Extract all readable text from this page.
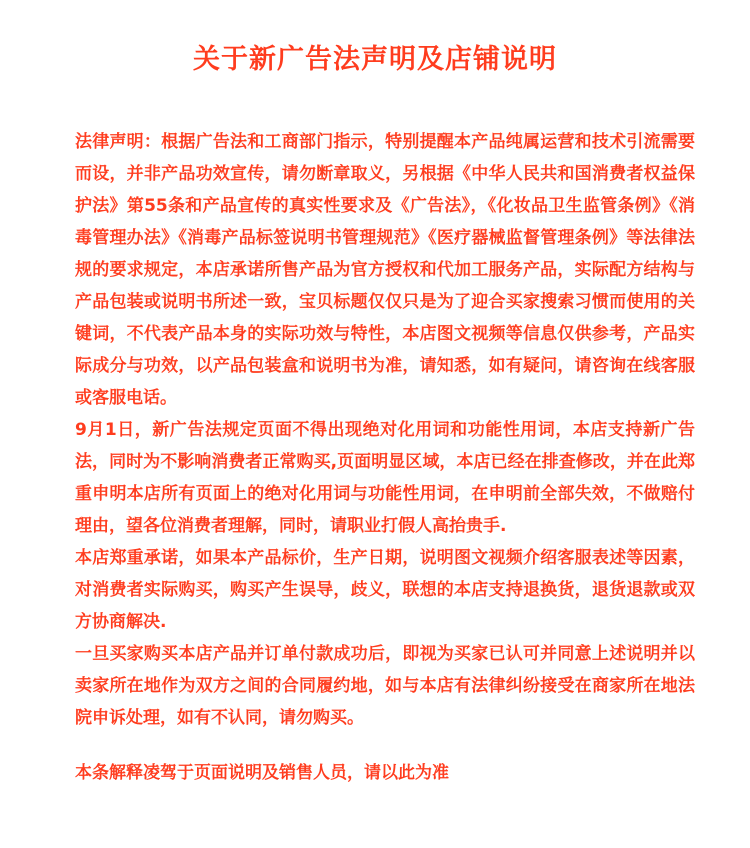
关于新广告法声明及店铺说明

法律声明：根据广告法和工商部门指示，特别提醒本产品纯属运营和技术引流需要而设，并非产品功效宣传，请勿断章取义，另根据《中华人民共和国消费者权益保护法》第55条和产品宣传的真实性要求及《广告法》，《化妆品卫生监管条例》《消毒管理办法》《消毒产品标签说明书管理规范》《医疗器械监督管理条例》等法律法规的要求规定，本店承诺所售产品为官方授权和代加工服务产品，实际配方结构与产品包装或说明书所述一致，宝贝标题仅仅只是为了迎合买家搜索习惯而使用的关键词，不代表产品本身的实际功效与特性，本店图文视频等信息仅供参考，产品实际成分与功效，以产品包装盒和说明书为准，请知悉，如有疑问，请咨询在线客服或客服电话。

9月1日，新广告法规定页面不得出现绝对化用词和功能性用词，本店支持新广告法，同时为不影响消费者正常购买,页面明显区域，本店已经在排查修改，并在此郑重申明本店所有页面上的绝对化用词与功能性用词，在申明前全部失效，不做赔付理由，望各位消费者理解，同时，请职业打假人高抬贵手.

本店郑重承诺，如果本产品标价，生产日期，说明图文视频介绍客服表述等因素，对消费者实际购买，购买产生误导，歧义，联想的本店支持退换货，退货退款或双方协商解决.

一旦买家购买本店产品并订单付款成功后，即视为买家已认可并同意上述说明并以卖家所在地作为双方之间的合同履约地，如与本店有法律纠纷接受在商家所在地法院申诉处理，如有不认同，请勿购买。

本条解释凌驾于页面说明及销售人员，请以此为准
